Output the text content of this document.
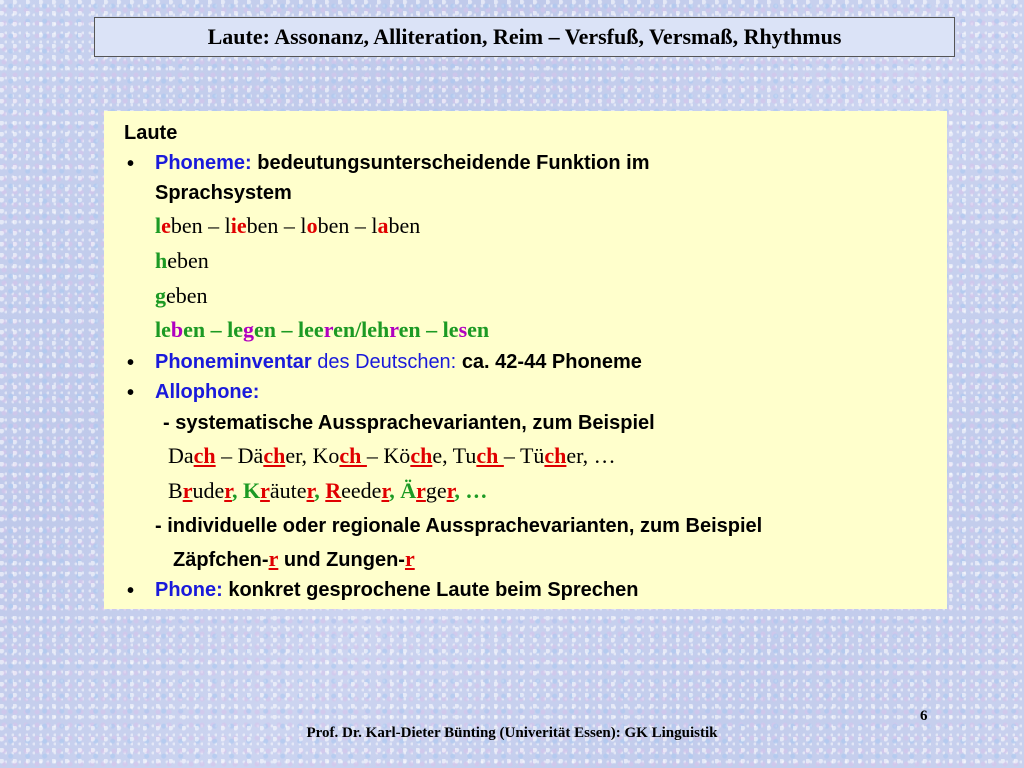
Laute: Assonanz, Alliteration, Reim – Versfuß, Versmaß, Rhythmus
Laute
• Phoneme: bedeutungsunterscheidende Funktion im
Sprachsystem
leben – lieben – loben – laben
heben
geben
leben – legen – leeren/lehren – lesen
• Phoneminventar des Deutschen: ca. 42-44 Phoneme
• Allophone:
- systematische Aussprachevarianten, zum Beispiel
Dach – Dächer, Koch – Köche, Tuch – Tücher, …
Bruder, Kräuter, Reeder, Ärger, …
- individuelle oder regionale Aussprachevarianten, zum Beispiel
Zäpfchen-r und Zungen-r
• Phone: konkret gesprochene Laute beim Sprechen
6
Prof. Dr. Karl-Dieter Bünting (Univerität Essen): GK Linguistik
